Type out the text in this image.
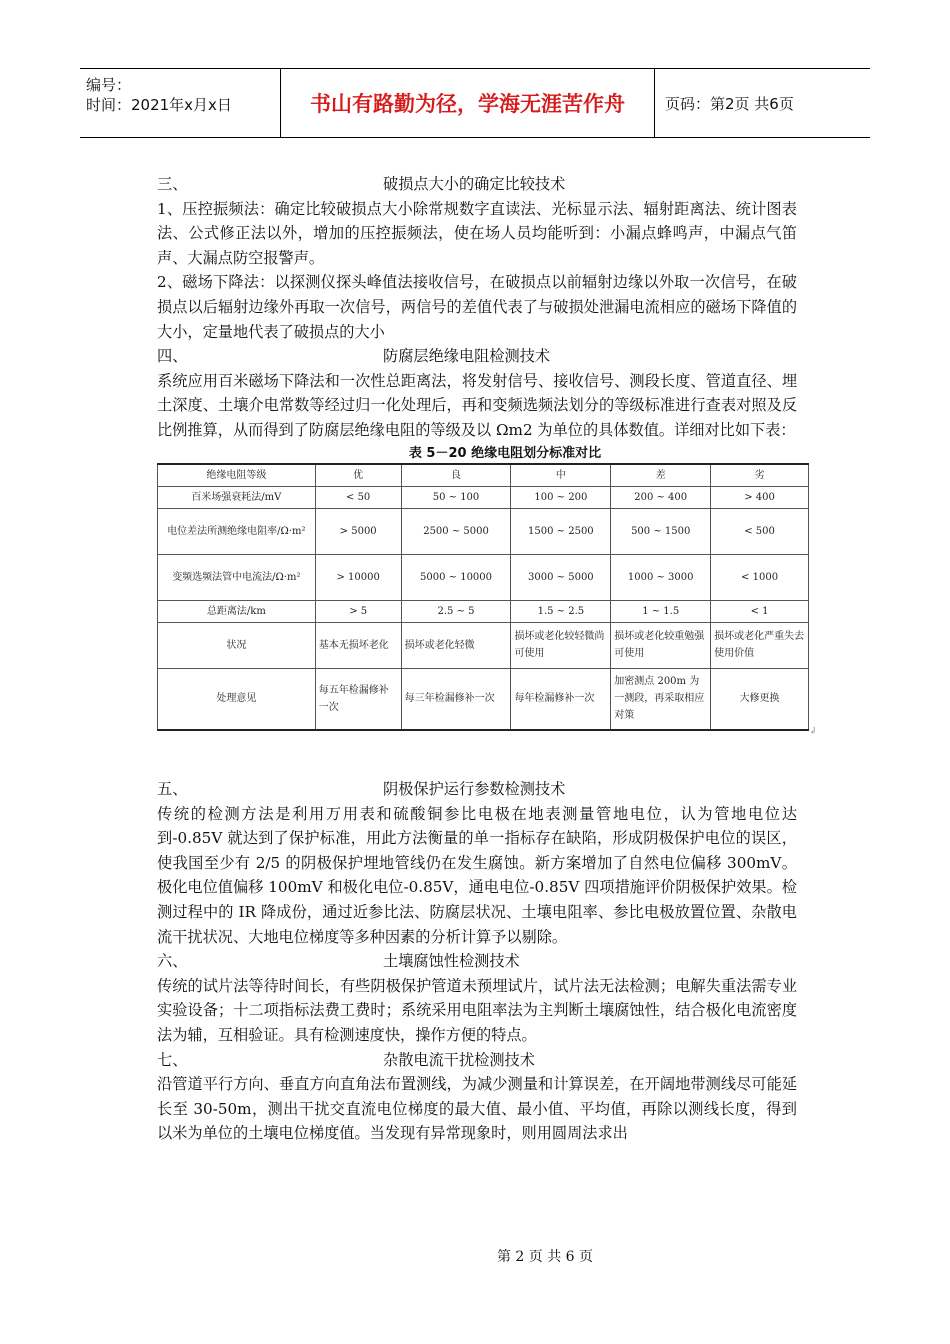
编号：
时间：2021年x月x日	书山有路勤为径，学海无涯苦作舟	页码：第2页 共6页
三、	破损点大小的确定比较技术

1、压控振频法：确定比较破损点大小除常规数字直读法、光标显示法、辐射距离法、统计图表法、公式修正法以外，增加的压控振频法，使在场人员均能听到：小漏点蜂鸣声，中漏点气笛声、大漏点防空报警声。

2、磁场下降法：以探测仪探头峰值法接收信号，在破损点以前辐射边缘以外取一次信号，在破损点以后辐射边缘外再取一次信号，两信号的差值代表了与破损处泄漏电流相应的磁场下降值的大小，定量地代表了破损点的大小

四、	防腐层绝缘电阻检测技术

系统应用百米磁场下降法和一次性总距离法，将发射信号、接收信号、测段长度、管道直径、埋土深度、土壤介电常数等经过归一化处理后，再和变频选频法划分的等级标准进行查表对照及反比例推算，从而得到了防腐层绝缘电阻的等级及以 Ωm2 为单位的具体数值。详细对比如下表：

表 5－20 绝缘电阻划分标准对比
绝缘电阻等级	优	良	中	差	劣
百米场强衰耗法/mV	< 50	50 ~ 100	100 ~ 200	200 ~ 400	> 400
电位差法所测绝缘电阻率/Ω·m²	> 5000	2500 ~ 5000	1500 ~ 2500	500 ~ 1500	< 500
变频选频法管中电流法/Ω·m²	> 10000	5000 ~ 10000	3000 ~ 5000	1000 ~ 3000	< 1000
总距离法/km	> 5	2.5 ~ 5	1.5 ~ 2.5	1 ~ 1.5	< 1
状况	基本无损坏老化	损坏或老化轻微	损坏或老化较轻微尚可使用	损坏或老化较重勉强可使用	损坏或老化严重失去使用价值
处理意见	每五年检漏修补一次	每三年检漏修补一次	每年检漏修补一次	加密测点 200m 为一测段，再采取相应对策	大修更换
↲
五、	阴极保护运行参数检测技术

传统的检测方法是利用万用表和硫酸铜参比电极在地表测量管地电位，认为管地电位达到-0.85V 就达到了保护标准，用此方法衡量的单一指标存在缺陷，形成阴极保护电位的误区，使我国至少有 2/5 的阴极保护埋地管线仍在发生腐蚀。新方案增加了自然电位偏移 300mV。极化电位值偏移 100mV 和极化电位-0.85V，通电电位-0.85V 四项措施评价阴极保护效果。检测过程中的 IR 降成份，通过近参比法、防腐层状况、土壤电阻率、参比电极放置位置、杂散电流干扰状况、大地电位梯度等多种因素的分析计算予以剔除。

六、	土壤腐蚀性检测技术

传统的试片法等待时间长，有些阴极保护管道未预埋试片，试片法无法检测；电解失重法需专业实验设备；十二项指标法费工费时；系统采用电阻率法为主判断土壤腐蚀性，结合极化电流密度法为辅，互相验证。具有检测速度快，操作方便的特点。

七、	杂散电流干扰检测技术

沿管道平行方向、垂直方向直角法布置测线，为减少测量和计算误差，在开阔地带测线尽可能延长至 30-50m，测出干扰交直流电位梯度的最大值、最小值、平均值，再除以测线长度，得到以米为单位的土壤电位梯度值。当发现有异常现象时，则用圆周法求出

第 2 页 共 6 页
